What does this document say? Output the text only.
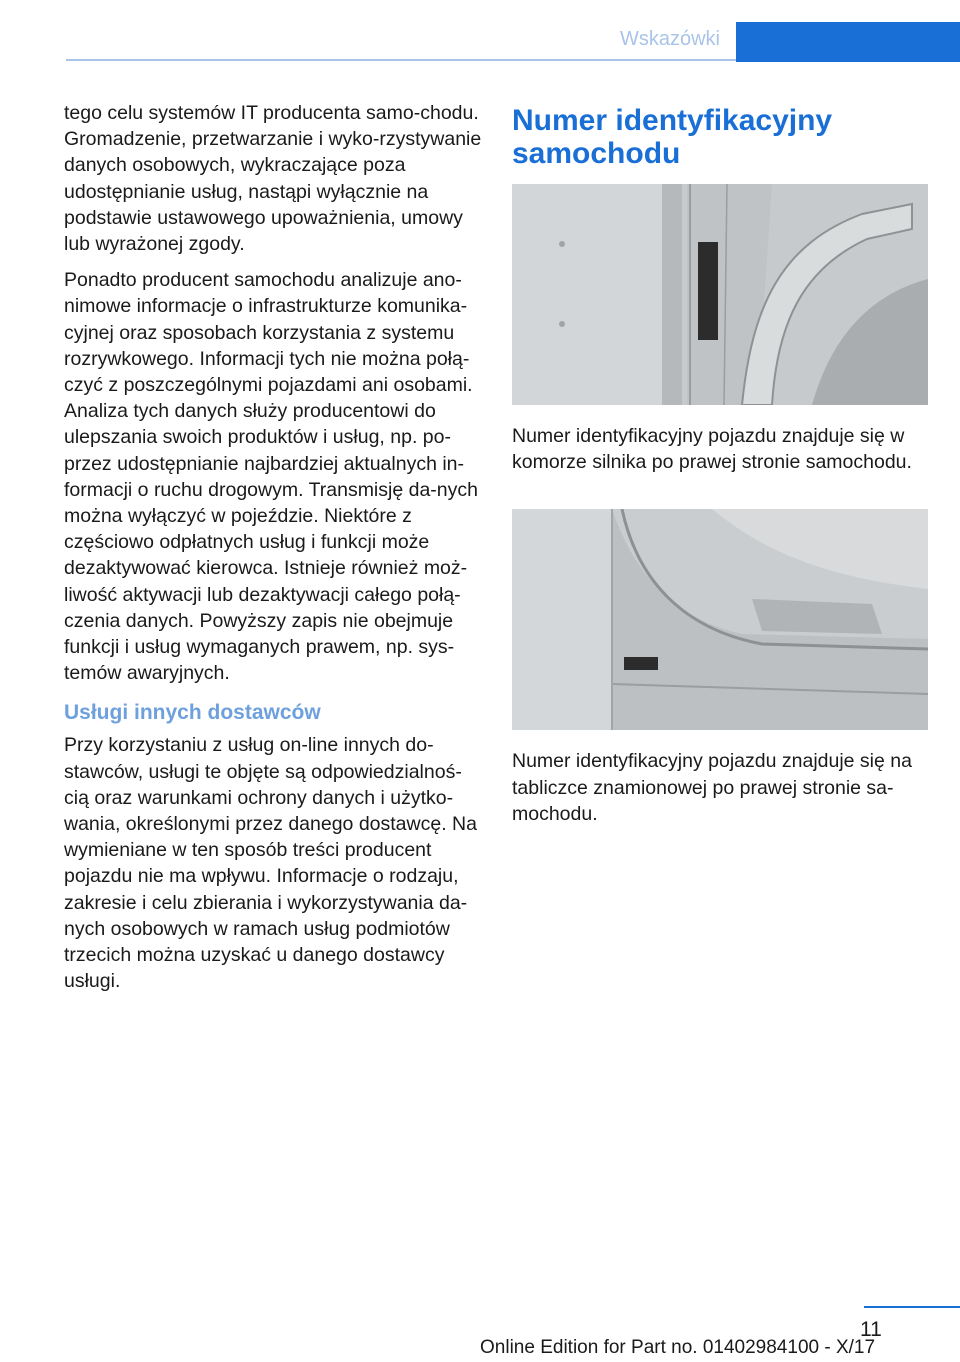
Wskazówki

tego celu systemów IT producenta samo-chodu. Gromadzenie, przetwarzanie i wyko-rzystywanie danych osobowych, wykraczające poza udostępnianie usług, nastąpi wyłącznie na podstawie ustawowego upoważnienia, umowy lub wyrażonej zgody.

Ponadto producent samochodu analizuje ano-nimowe informacje o infrastrukturze komunika-cyjnej oraz sposobach korzystania z systemu rozrywkowego. Informacji tych nie można połą-czyć z poszczególnymi pojazdami ani osobami. Analiza tych danych służy producentowi do ulepszania swoich produktów i usług, np. po-przez udostępnianie najbardziej aktualnych in-formacji o ruchu drogowym. Transmisję da-nych można wyłączyć w pojeździe. Niektóre z częściowo odpłatnych usług i funkcji może dezaktywować kierowca. Istnieje również moż-liwość aktywacji lub dezaktywacji całego połą-czenia danych. Powyższy zapis nie obejmuje funkcji i usług wymaganych prawem, np. sys-temów awaryjnych.

Usługi innych dostawców

Przy korzystaniu z usług on-line innych do-stawców, usługi te objęte są odpowiedzialnoś-cią oraz warunkami ochrony danych i użytko-wania, określonymi przez danego dostawcę. Na wymieniane w ten sposób treści producent pojazdu nie ma wpływu. Informacje o rodzaju, zakresie i celu zbierania i wykorzystywania da-nych osobowych w ramach usług podmiotów trzecich można uzyskać u danego dostawcy usługi.

Numer identyfikacyjny samochodu

Numer identyfikacyjny pojazdu znajduje się w komorze silnika po prawej stronie samochodu.

Numer identyfikacyjny pojazdu znajduje się na tabliczce znamionowej po prawej stronie sa-mochodu.

11
Online Edition for Part no. 01402984100 - X/17
